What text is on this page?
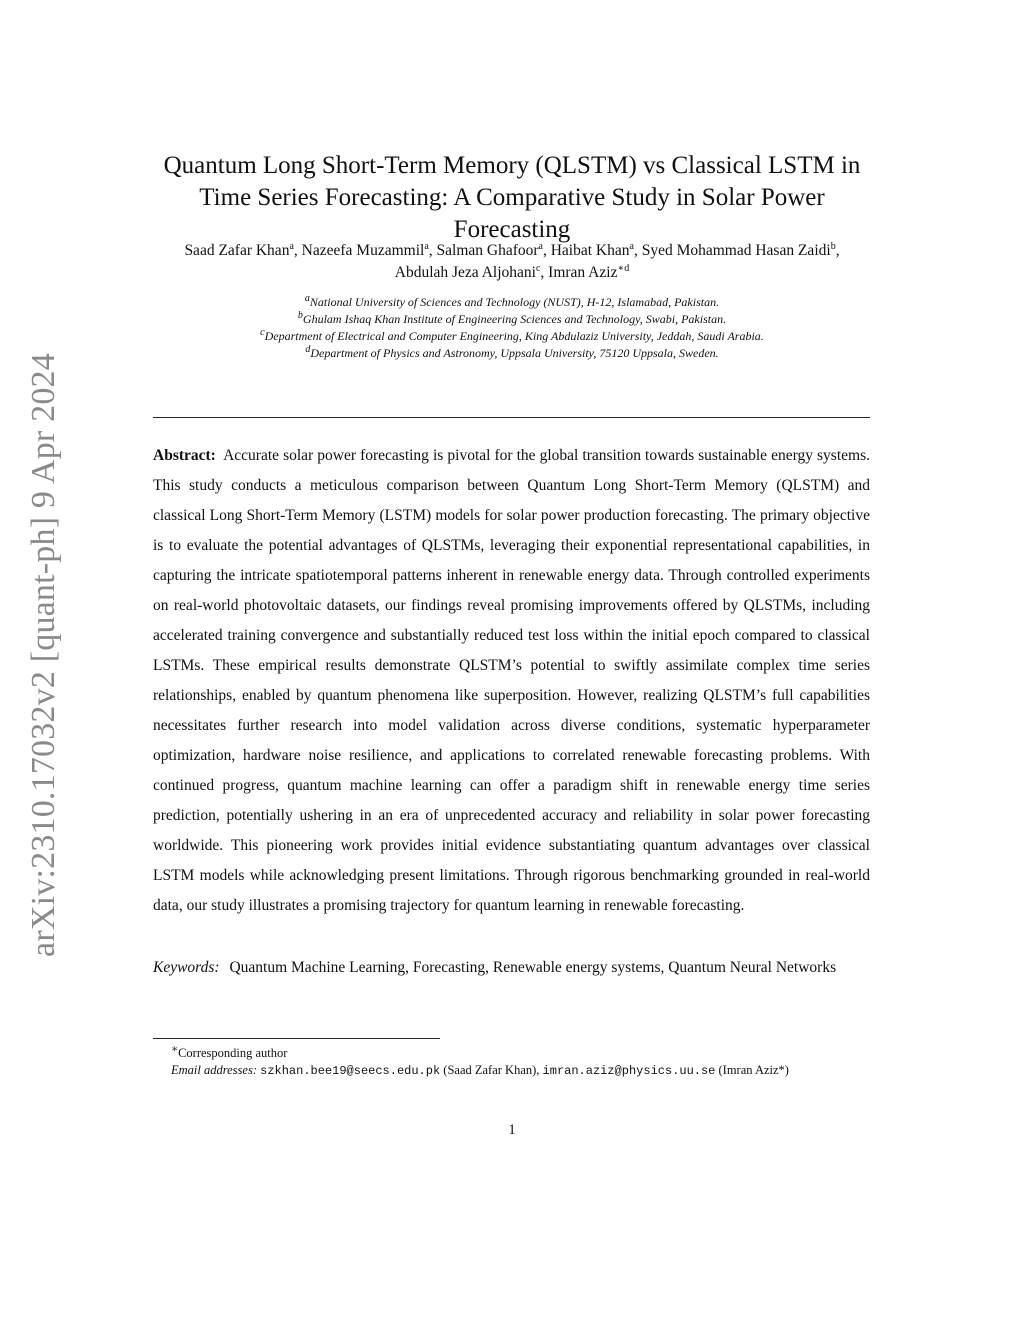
arXiv:2310.17032v2 [quant-ph] 9 Apr 2024
Quantum Long Short-Term Memory (QLSTM) vs Classical LSTM in
Time Series Forecasting: A Comparative Study in Solar Power Forecasting
Saad Zafar Khan$^a$, Nazeefa Muzammil$^a$, Salman Ghafoor$^a$, Haibat Khan$^a$, Syed Mohammad Hasan Zaidi$^b$,
Abdulah Jeza Aljohani$^c$, Imran Aziz$^{∗d}$
$^a$National University of Sciences and Technology (NUST), H-12, Islamabad, Pakistan.
$^b$Ghulam Ishaq Khan Institute of Engineering Sciences and Technology, Swabi, Pakistan.
$^c$Department of Electrical and Computer Engineering, King Abdulaziz University, Jeddah, Saudi Arabia.
$^d$Department of Physics and Astronomy, Uppsala University, 75120 Uppsala, Sweden.

Abstract: Accurate solar power forecasting is pivotal for the global transition towards sustainable energy systems. This study conducts a meticulous comparison between Quantum Long Short-Term Memory (QLSTM) and classical Long Short-Term Memory (LSTM) models for solar power production forecasting. The primary objective is to evaluate the potential advantages of QLSTMs, leveraging their exponential representational capabilities, in capturing the intricate spatiotemporal patterns inherent in renewable energy data. Through controlled experiments on real-world photovoltaic datasets, our findings reveal promising improvements offered by QLSTMs, including accelerated training convergence and substantially reduced test loss within the initial epoch compared to classical LSTMs. These empirical results demonstrate QLSTM’s potential to swiftly assimilate complex time series relationships, enabled by quantum phenomena like superposition. However, realizing QLSTM’s full capabilities necessitates further research into model validation across diverse conditions, systematic hyperparameter optimization, hardware noise resilience, and applications to correlated renewable forecasting problems. With continued progress, quantum machine learning can offer a paradigm shift in renewable energy time series prediction, potentially ushering in an era of unprecedented accuracy and reliability in solar power forecasting worldwide. This pioneering work provides initial evidence substantiating quantum advantages over classical LSTM models while acknowledging present limitations. Through rigorous benchmarking grounded in real-world data, our study illustrates a promising trajectory for quantum learning in renewable forecasting.

Keywords: Quantum Machine Learning, Forecasting, Renewable energy systems, Quantum Neural Networks

∗Corresponding author
Email addresses: szkhan.bee19@seecs.edu.pk (Saad Zafar Khan), imran.aziz@physics.uu.se (Imran Aziz*)
1
